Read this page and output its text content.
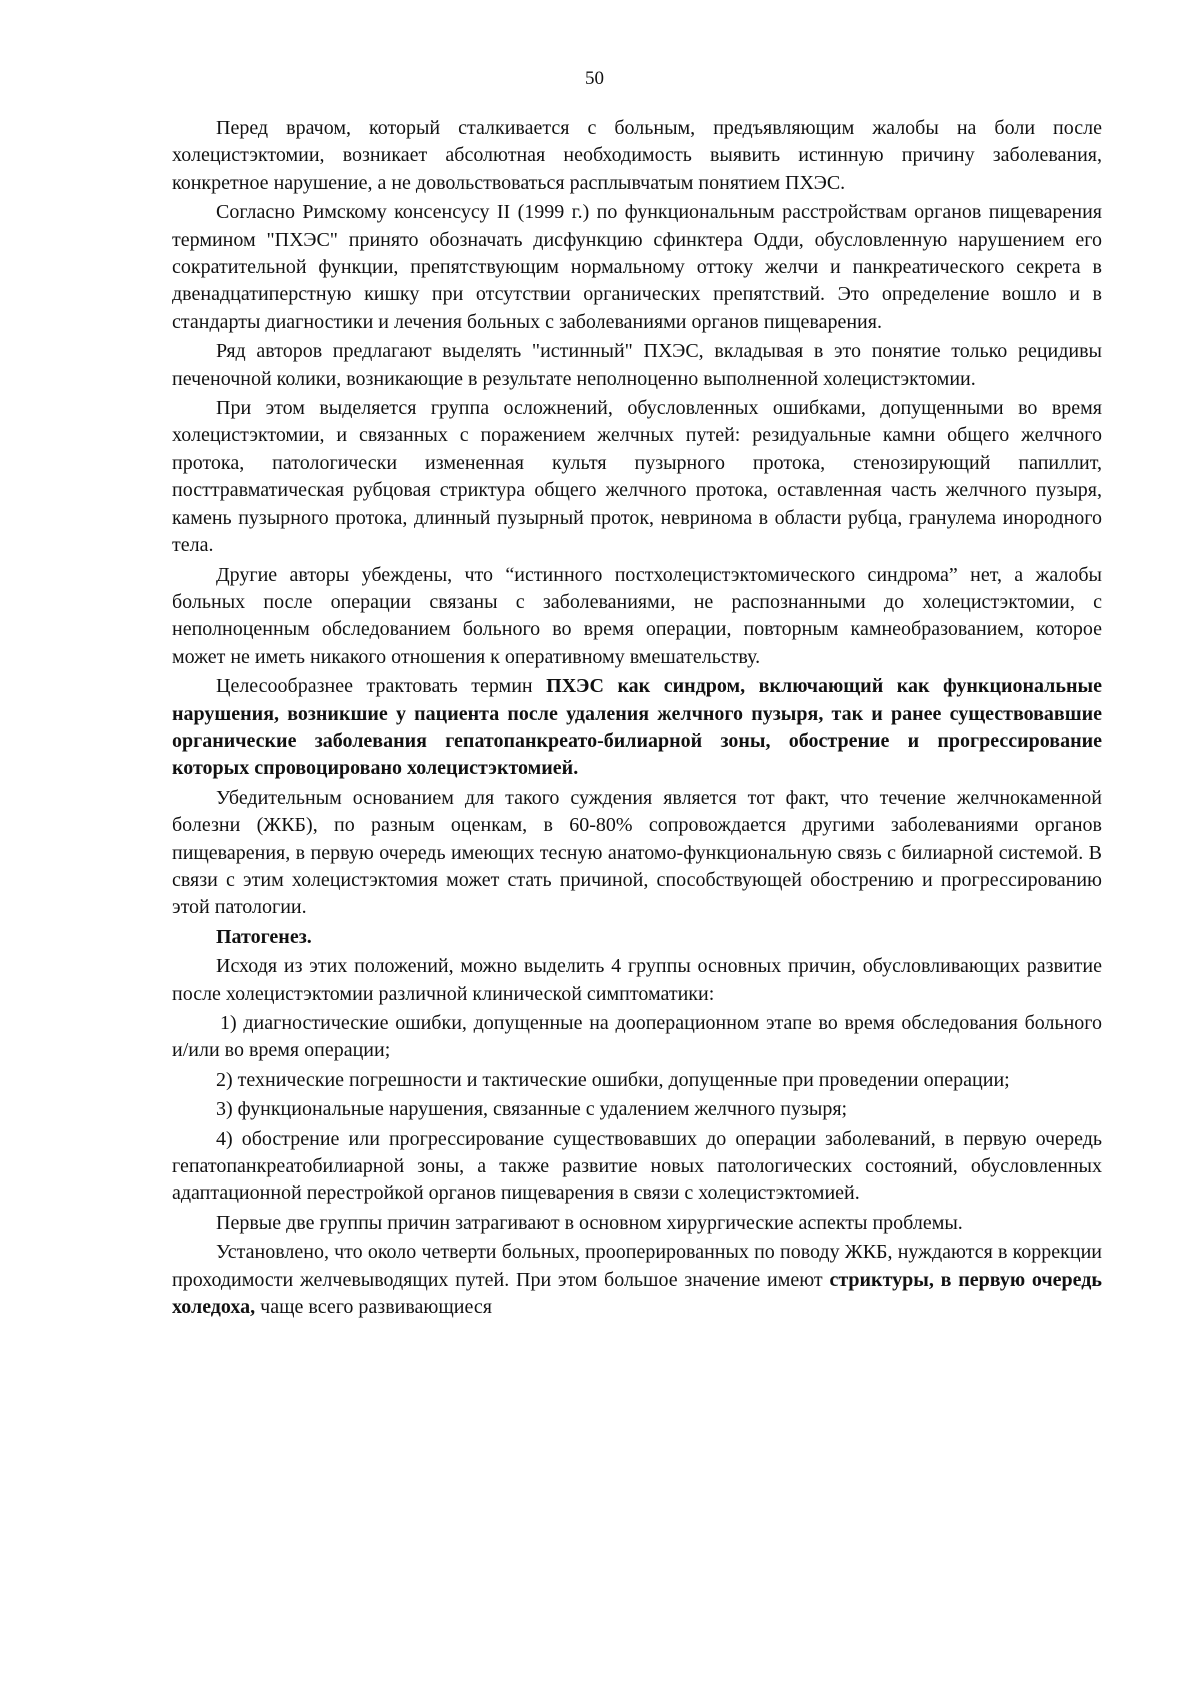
50

Перед врачом, который сталкивается с больным, предъявляющим жалобы на боли после холецистэктомии, возникает абсолютная необходимость выявить истинную причину заболевания, конкретное нарушение, а не довольствоваться расплывчатым понятием ПХЭС.

Согласно Римскому консенсусу II (1999 г.) по функциональным расстройствам органов пищеварения термином "ПХЭС" принято обозначать дисфункцию сфинктера Одди, обусловленную нарушением его сократительной функции, препятствующим нормальному оттоку желчи и панкреатического секрета в двенадцатиперстную кишку при отсутствии органических препятствий. Это определение вошло и в стандарты диагностики и лечения больных с заболеваниями органов пищеварения.

Ряд авторов предлагают выделять "истинный" ПХЭС, вкладывая в это понятие только рецидивы печеночной колики, возникающие в результате неполноценно выполненной холецистэктомии.

При этом выделяется группа осложнений, обусловленных ошибками, допущенными во время холецистэктомии, и связанных с поражением желчных путей: резидуальные камни общего желчного протока, патологически измененная культя пузырного протока, стенозирующий папиллит, посттравматическая рубцовая стриктура общего желчного протока, оставленная часть желчного пузыря, камень пузырного протока, длинный пузырный проток, невринома в области рубца, гранулема инородного тела.

Другие авторы убеждены, что “истинного постхолецистэктомического синдрома” нет, а жалобы больных после операции связаны с заболеваниями, не распознанными до холецистэктомии, с неполноценным обследованием больного во время операции, повторным камнеобразованием, которое может не иметь никакого отношения к оперативному вмешательству.

Целесообразнее трактовать термин ПХЭС как синдром, включающий как функциональные нарушения, возникшие у пациента после удаления желчного пузыря, так и ранее существовавшие органические заболевания гепатопанкреато-билиарной зоны, обострение и прогрессирование которых спровоцировано холецистэктомией.

Убедительным основанием для такого суждения является тот факт, что течение желчнокаменной болезни (ЖКБ), по разным оценкам, в 60-80% сопровождается другими заболеваниями органов пищеварения, в первую очередь имеющих тесную анатомо-функциональную связь с билиарной системой. В связи с этим холецистэктомия может стать причиной, способствующей обострению и прогрессированию этой патологии.

Патогенез.

Исходя из этих положений, можно выделить 4 группы основных причин, обусловливающих развитие после холецистэктомии различной клинической симптоматики:

1) диагностические ошибки, допущенные на дооперационном этапе во время обследования больного и/или во время операции;

2) технические погрешности и тактические ошибки, допущенные при проведении операции;

3) функциональные нарушения, связанные с удалением желчного пузыря;

4) обострение или прогрессирование существовавших до операции заболеваний, в первую очередь гепатопанкреатобилиарной зоны, а также развитие новых патологических состояний, обусловленных адаптационной перестройкой органов пищеварения в связи с холецистэктомией.

Первые две группы причин затрагивают в основном хирургические аспекты проблемы.

Установлено, что около четверти больных, прооперированных по поводу ЖКБ, нуждаются в коррекции проходимости желчевыводящих путей. При этом большое значение имеют стриктуры, в первую очередь холедоха, чаще всего развивающиеся
